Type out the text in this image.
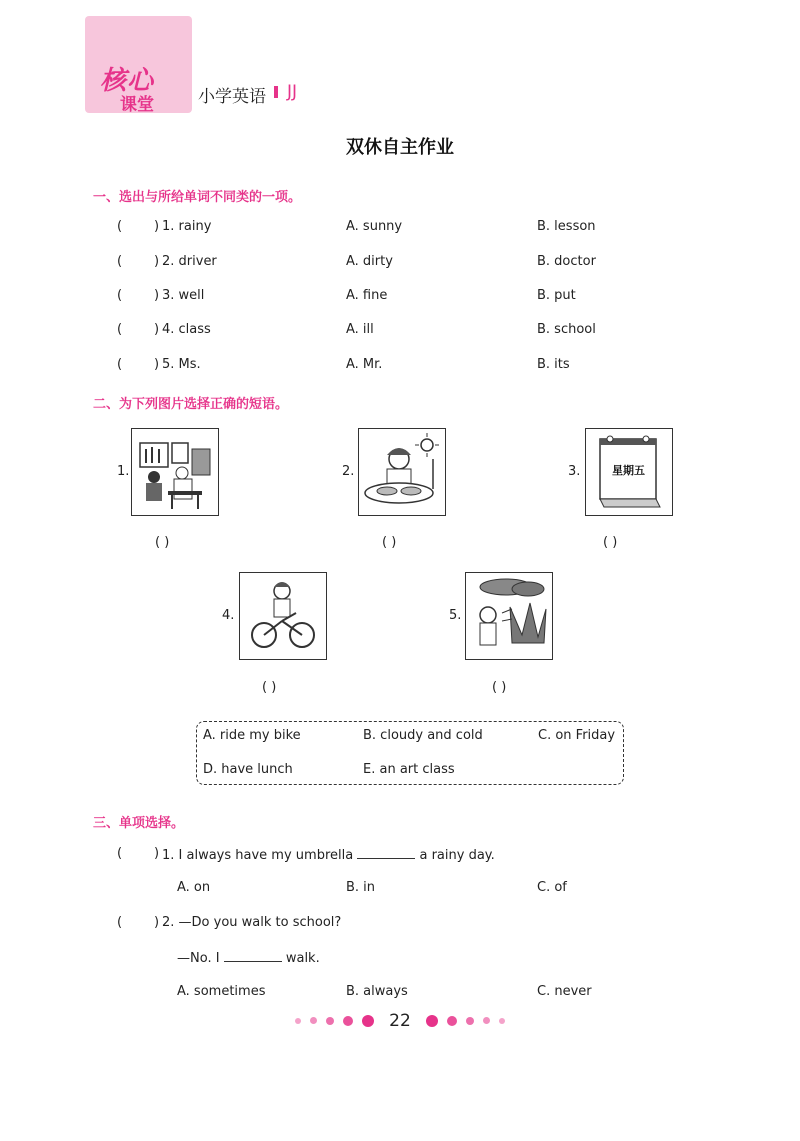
核心
课堂	小学英语 JJ
双休自主作业
一、选出与所给单词不同类的一项。
( ) 1. rainy	A. sunny	B. lesson
( ) 2. driver	A. dirty	B. doctor
( ) 3. well	A. fine	B. put
( ) 4. class	A. ill	B. school
( ) 5. Ms.	A. Mr.	B. its
二、为下列图片选择正确的短语。
1.
( )
2.
( )
3.	星期五
( )
4.
( )
5.
( )
A. ride my bike	B. cloudy and cold	C. on Friday
D. have lunch	E. an art class
三、单项选择。
( ) 1. I always have my umbrella	a rainy day.
A. on	B. in	C. of
( ) 2. —Do you walk to school?
—No. I	walk.
A. sometimes	B. always	C. never
22
